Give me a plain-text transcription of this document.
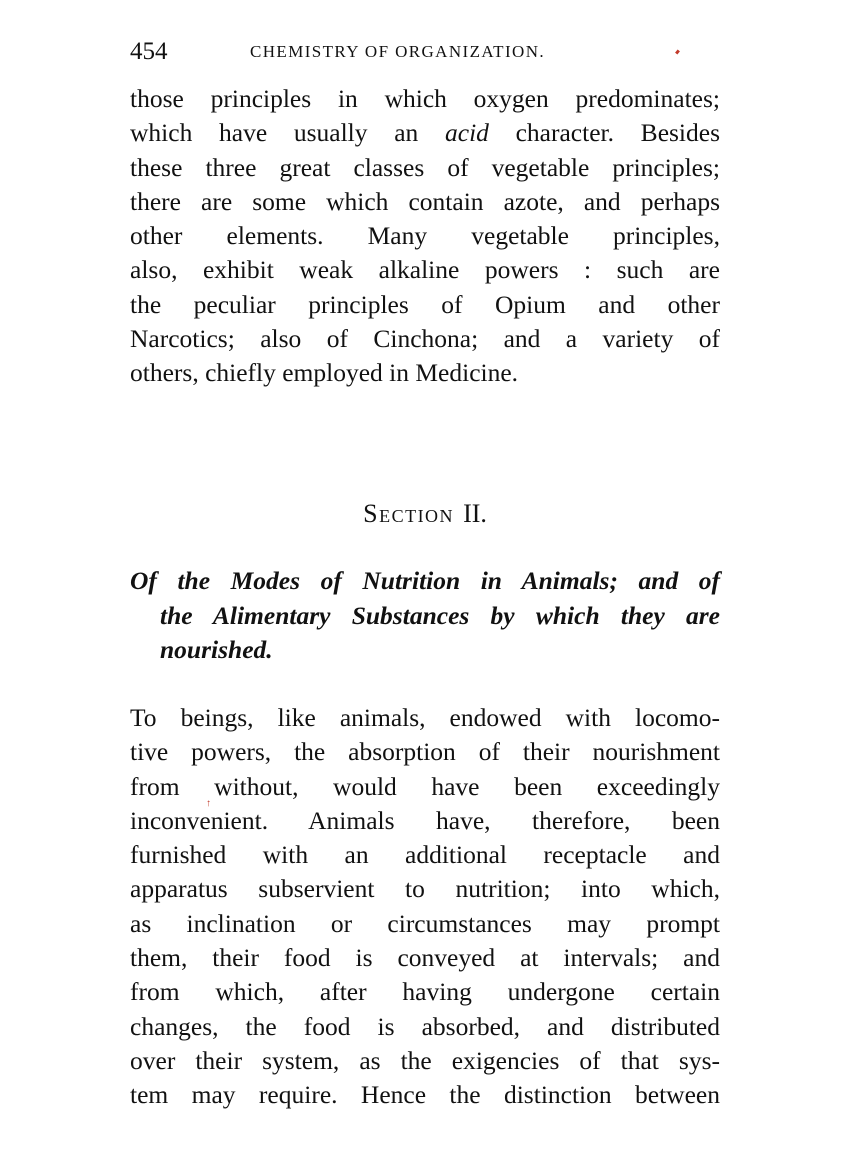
454	CHEMISTRY OF ORGANIZATION.
those principles in which oxygen predominates;
which have usually an acid character. Besides
these three great classes of vegetable principles;
there are some which contain azote, and perhaps
other elements. Many vegetable principles,
also, exhibit weak alkaline powers : such are
the peculiar principles of Opium and other
Narcotics; also of Cinchona; and a variety of
others, chiefly employed in Medicine.
Section II.
Of the Modes of Nutrition in Animals; and of
the Alimentary Substances by which they are
nourished.
To beings, like animals, endowed with locomo-
tive powers, the absorption of their nourishment
from without, would have been exceedingly
inconvenient. Animals have, therefore, been
furnished with an additional receptacle and
apparatus subservient to nutrition; into which,
as inclination or circumstances may prompt
them, their food is conveyed at intervals; and
from which, after having undergone certain
changes, the food is absorbed, and distributed
over their system, as the exigencies of that sys-
tem may require. Hence the distinction between
↑
